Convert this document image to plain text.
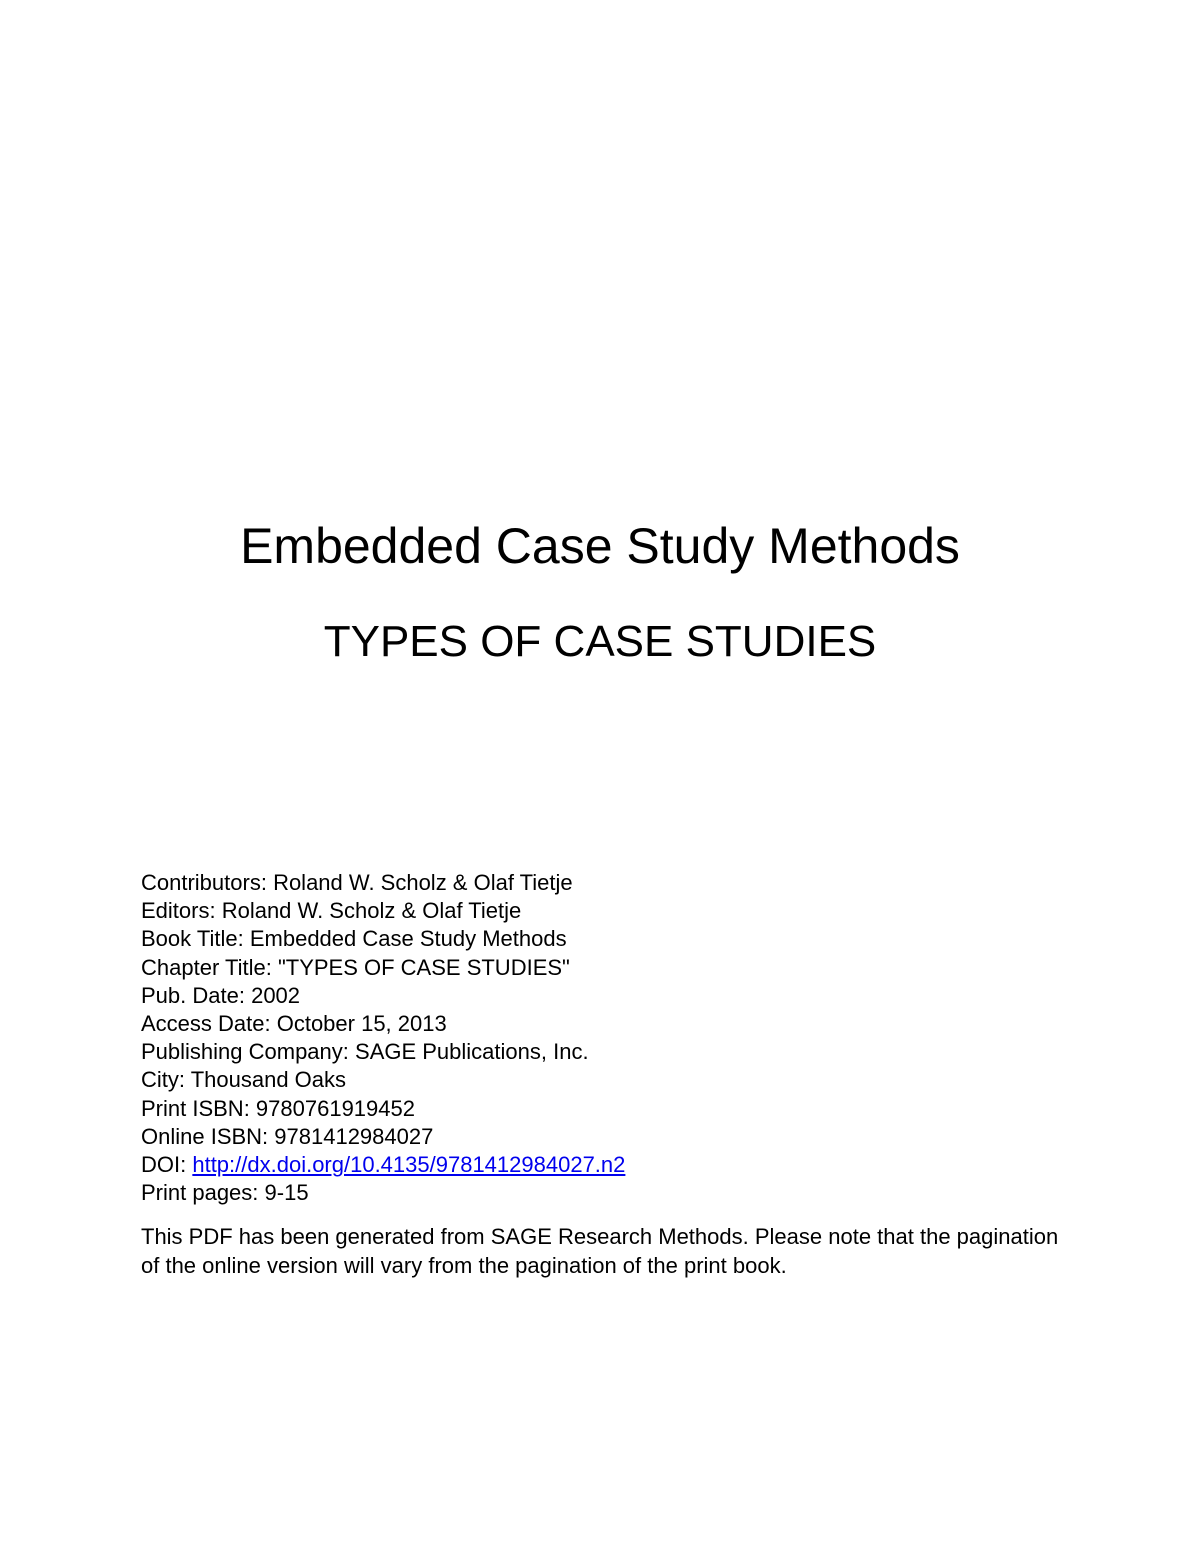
Embedded Case Study Methods
TYPES OF CASE STUDIES
Contributors: Roland W. Scholz & Olaf Tietje
Editors: Roland W. Scholz & Olaf Tietje
Book Title: Embedded Case Study Methods
Chapter Title: "TYPES OF CASE STUDIES"
Pub. Date: 2002
Access Date: October 15, 2013
Publishing Company: SAGE Publications, Inc.
City: Thousand Oaks
Print ISBN: 9780761919452
Online ISBN: 9781412984027
DOI: http://dx.doi.org/10.4135/9781412984027.n2
Print pages: 9-15

This PDF has been generated from SAGE Research Methods. Please note that the pagination of the online version will vary from the pagination of the print book.
